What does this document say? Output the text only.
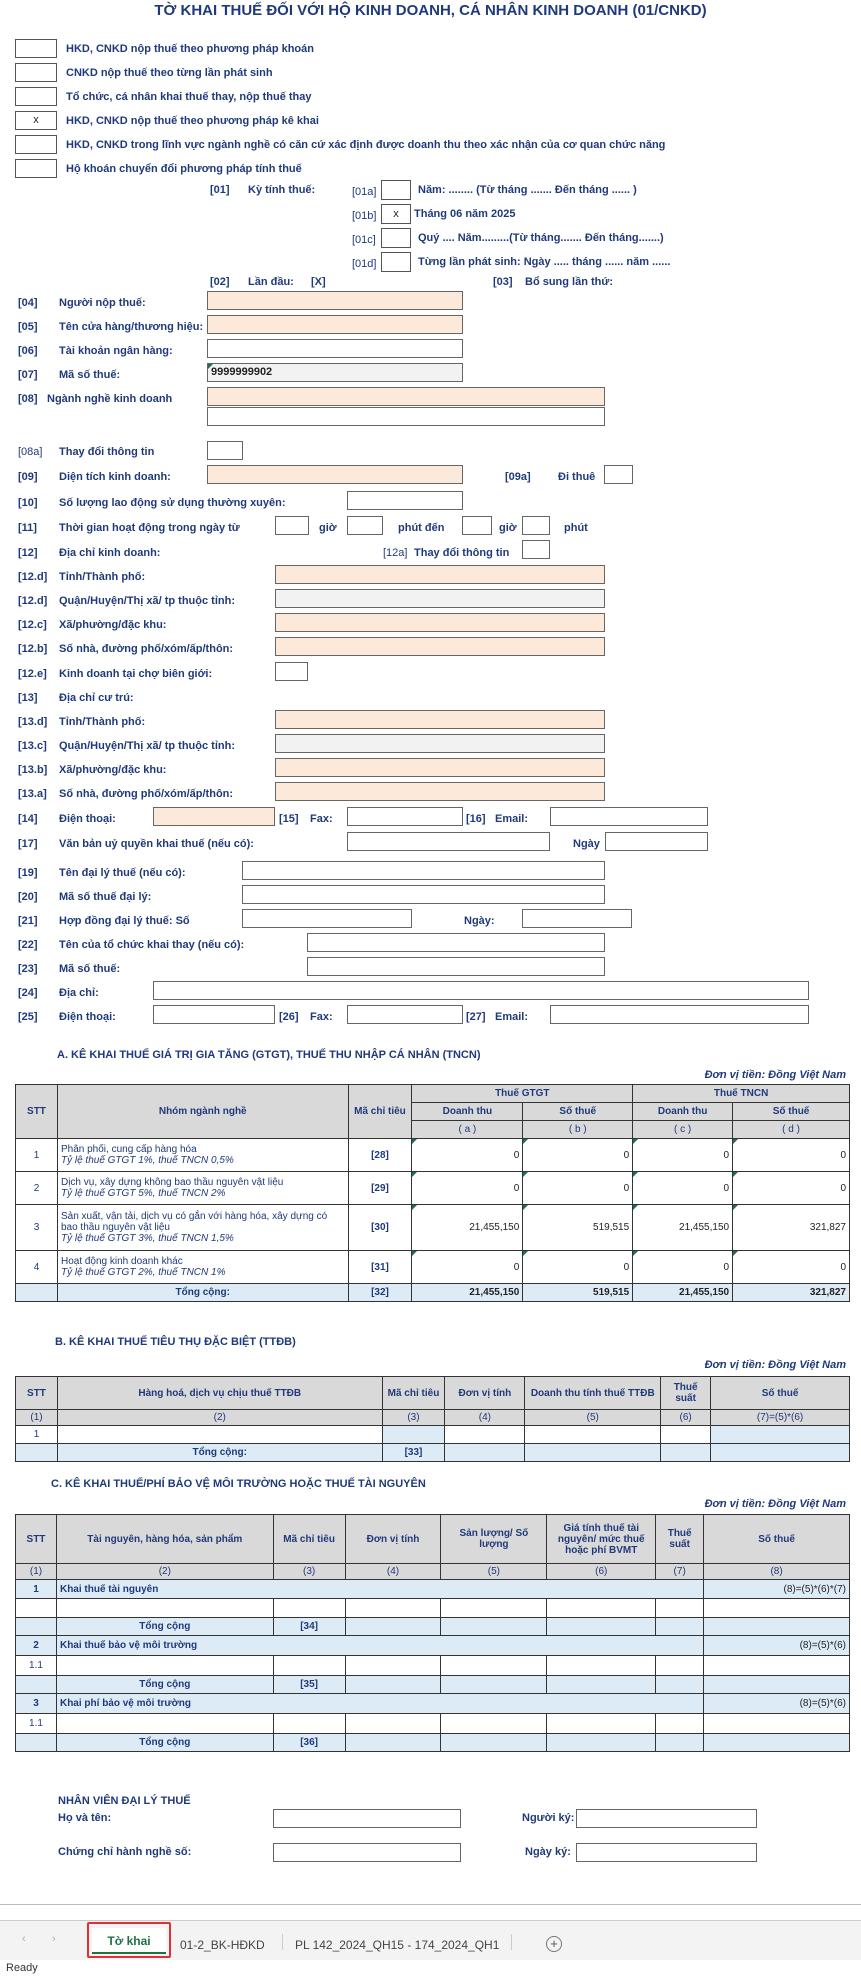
TỜ KHAI THUẾ ĐỐI VỚI HỘ KINH DOANH, CÁ NHÂN KINH DOANH (01/CNKD)
HKD, CNKD nộp thuế theo phương pháp khoán
CNKD nộp thuế theo từng lần phát sinh
Tổ chức, cá nhân khai thuế thay, nộp thuế thay
x	HKD, CNKD nộp thuế theo phương pháp kê khai
HKD, CNKD trong lĩnh vực ngành nghề có căn cứ xác định được doanh thu theo xác nhận của cơ quan chức năng
Hộ khoán chuyển đổi phương pháp tính thuế
[01] Kỳ tính thuế:	[01a]	Năm: ........ (Từ tháng ....... Đến tháng ...... )
[01b]	x	Tháng 06 năm 2025
[01c]	Quý .... Năm.........(Từ tháng....... Đến tháng.......)
[01d]	Từng lần phát sinh: Ngày ..... tháng ...... năm ......
[02] Lần đầu: [X]	[03] Bổ sung lần thứ:
[04] Người nộp thuế:
[05] Tên cửa hàng/thương hiệu:
[06] Tài khoản ngân hàng:
[07] Mã số thuế:	9999999902
[08] Ngành nghề kinh doanh
[08a] Thay đổi thông tin
[09] Diện tích kinh doanh:	[09a] Đi thuê
[10] Số lượng lao động sử dụng thường xuyên:
[11] Thời gian hoạt động trong ngày từ	giờ	phút đến	giờ	phút
[12] Địa chỉ kinh doanh:	[12a] Thay đổi thông tin
[12.d] Tỉnh/Thành phố:
[12.d] Quận/Huyện/Thị xã/ tp thuộc tỉnh:
[12.c] Xã/phường/đặc khu:
[12.b] Số nhà, đường phố/xóm/ấp/thôn:
[12.e] Kinh doanh tại chợ biên giới:
[13] Địa chỉ cư trú:
[13.d] Tỉnh/Thành phố:
[13.c] Quận/Huyện/Thị xã/ tp thuộc tỉnh:
[13.b] Xã/phường/đặc khu:
[13.a] Số nhà, đường phố/xóm/ấp/thôn:
[14] Điện thoại:	[15] Fax:	[16] Email:
[17] Văn bản uỷ quyền khai thuế (nếu có):	Ngày
[19] Tên đại lý thuế (nếu có):
[20] Mã số thuế đại lý:
[21] Hợp đồng đại lý thuế: Số	Ngày:
[22] Tên của tổ chức khai thay (nếu có):
[23] Mã số thuế:
[24] Địa chỉ:
[25] Điện thoại:	[26] Fax:	[27] Email:
A. KÊ KHAI THUẾ GIÁ TRỊ GIA TĂNG (GTGT), THUẾ THU NHẬP CÁ NHÂN (TNCN)
Đơn vị tiền: Đồng Việt Nam
STT	Nhóm ngành nghề	Mã chỉ tiêu	Thuế GTGT		Thuế TNCN	
			Doanh thu	Số thuế	Doanh thu	Số thuế
			( a )	( b )	( c )	( d )
1	Phân phối, cung cấp hàng hóa
Tỷ lệ thuế GTGT 1%, thuế TNCN 0,5%	[28]	0	0	0	0
2	Dịch vụ, xây dựng không bao thầu nguyên vật liệu
Tỷ lệ thuế GTGT 5%, thuế TNCN 2%	[29]	0	0	0	0
3	Sản xuất, vận tải, dịch vụ có gắn với hàng hóa, xây dựng có bao thầu nguyên vật liệu
Tỷ lệ thuế GTGT 3%, thuế TNCN 1,5%	[30]	21,455,150	519,515	21,455,150	321,827
4	Hoạt động kinh doanh khác
Tỷ lệ thuế GTGT 2%, thuế TNCN 1%	[31]	0	0	0	0
	Tổng cộng:	[32]	21,455,150	519,515	21,455,150	321,827
B. KÊ KHAI THUẾ TIÊU THỤ ĐẶC BIỆT (TTĐB)
Đơn vị tiền: Đồng Việt Nam
STT	Hàng hoá, dịch vụ chịu thuế TTĐB	Mã chỉ tiêu	Đơn vị tính	Doanh thu tính thuế TTĐB	Thuế suất	Số thuế
(1)	(2)	(3)	(4)	(5)	(6)	(7)=(5)*(6)
1						
	Tổng cộng:	[33]				
C. KÊ KHAI THUẾ/PHÍ BẢO VỆ MÔI TRƯỜNG HOẶC THUẾ TÀI NGUYÊN
Đơn vị tiền: Đồng Việt Nam
STT	Tài nguyên, hàng hóa, sản phẩm	Mã chỉ tiêu	Đơn vị tính	Sản lượng/ Số lượng	Giá tính thuế tài nguyên/ mức thuế hoặc phí BVMT	Thuế suất	Số thuế
(1)	(2)	(3)	(4)	(5)	(6)	(7)	(8)
1	Khai thuế tài nguyên						(8)=(5)*(6)*(7)

	Tổng cộng	[34]					
2	Khai thuế bảo vệ môi trường						(8)=(5)*(6)
1.1							
	Tổng cộng	[35]					
3	Khai phí bảo vệ môi trường						(8)=(5)*(6)
1.1							
	Tổng cộng	[36]					
NHÂN VIÊN ĐẠI LÝ THUẾ
Họ và tên:	Người ký:
Chứng chỉ hành nghề số:	Ngày ký:
‹ ›	Tờ khai	01-2_BK-HĐKD	PL 142_2024_QH15 - 174_2024_QH1	+
Ready
